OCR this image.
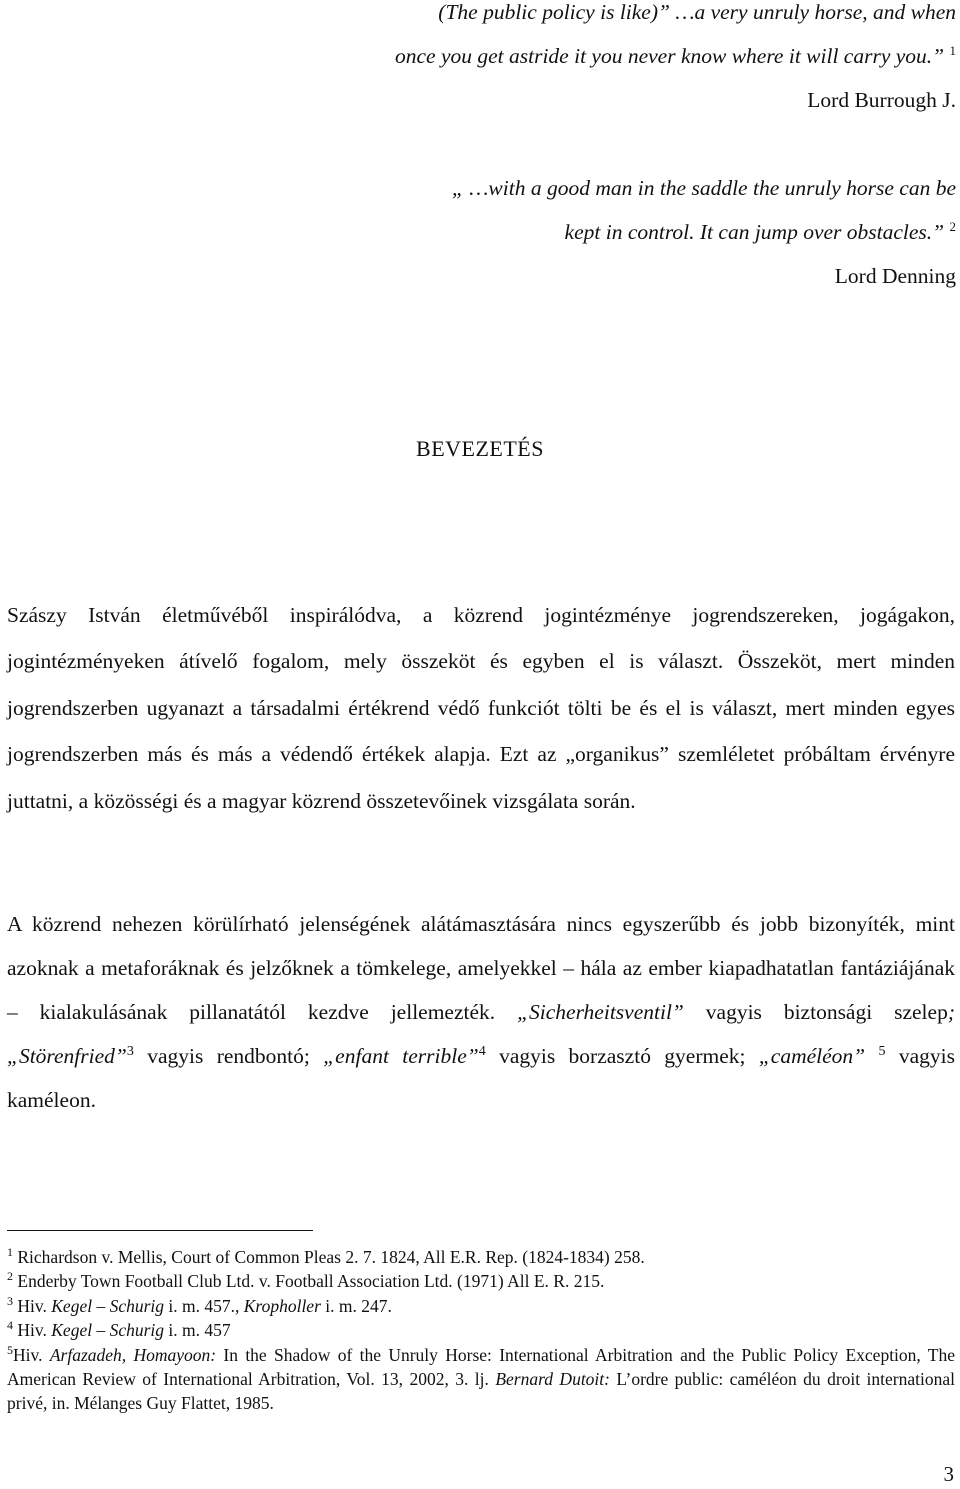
(The public policy is like)” …a very unruly horse, and when
once you get astride it you never know where it will carry you.” $^1$
Lord Burrough J.
„ …with a good man in the saddle the unruly horse can be
kept in control. It can jump over obstacles.” $^2$
Lord Denning
BEVEZETÉS
Szászy István életművéből inspirálódva, a közrend jogintézménye jogrendszereken, jogágakon, jogintézményeken átívelő fogalom, mely összeköt és egyben el is választ. Összeköt, mert minden jogrendszerben ugyanazt a társadalmi értékrend védő funkciót tölti be és el is választ, mert minden egyes jogrendszerben más és más a védendő értékek alapja. Ezt az „organikus” szemléletet próbáltam érvényre juttatni, a közösségi és a magyar közrend összetevőinek vizsgálata során.
A közrend nehezen körülírható jelenségének alátámasztására nincs egyszerűbb és jobb bizonyíték, mint azoknak a metaforáknak és jelzőknek a tömkelege, amelyekkel – hála az ember kiapadhatatlan fantáziájának – kialakulásának pillanatától kezdve jellemezték. „Sicherheitsventil” vagyis biztonsági szelep; „Störenfried”$^3$ vagyis rendbontó; „enfant terrible”$^4$ vagyis borzasztó gyermek; „caméléon” $^5$ vagyis kaméleon.

$^1$ Richardson v. Mellis, Court of Common Pleas 2. 7. 1824, All E.R. Rep. (1824-1834) 258.

$^2$ Enderby Town Football Club Ltd. v. Football Association Ltd. (1971) All E. R. 215.

$^3$ Hiv. Kegel – Schurig i. m. 457., Kropholler i. m. 247.

$^4$ Hiv. Kegel – Schurig i. m. 457

$^5$Hiv. Arfazadeh, Homayoon: In the Shadow of the Unruly Horse: International Arbitration and the Public Policy Exception, The American Review of International Arbitration, Vol. 13, 2002, 3. lj. Bernard Dutoit: L’ordre public: caméléon du droit international privé, in. Mélanges Guy Flattet, 1985.

3
